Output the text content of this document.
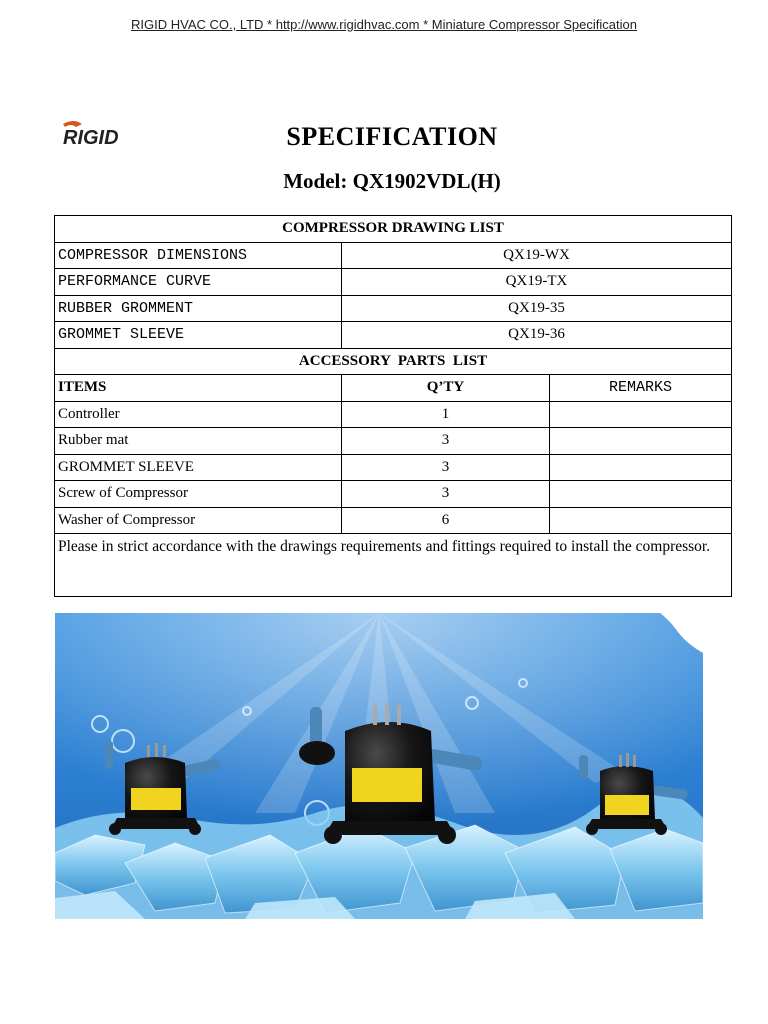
RIGID HVAC CO., LTD * http://www.rigidhvac.com * Miniature Compressor Specification
RIGID	SPECIFICATION
Model: QX1902VDL(H)
COMPRESSOR DRAWING LIST		
COMPRESSOR DIMENSIONS	QX19-WX	
PERFORMANCE CURVE	QX19-TX	
RUBBER GROMMENT	QX19-35	
GROMMET SLEEVE	QX19-36	
ACCESSORY  PARTS  LIST		
ITEMS	Q’TY	REMARKS
Controller	1	
Rubber mat	3	
GROMMET SLEEVE	3	
Screw of Compressor	3	
Washer of Compressor	6	
Please in strict accordance with the drawings requirements and fittings required to install the compressor.		
